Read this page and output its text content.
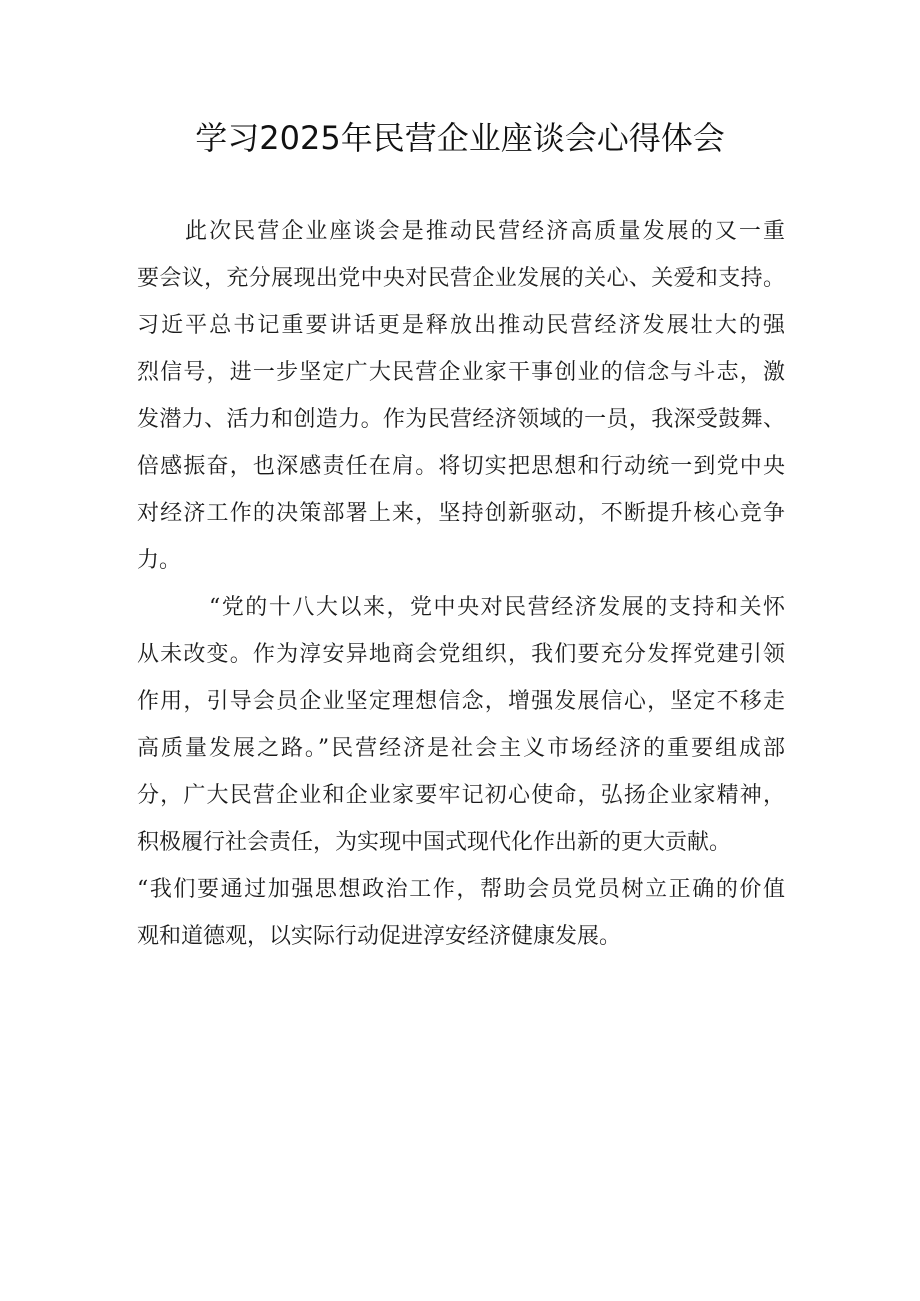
学习2025年民营企业座谈会心得体会
此次民营企业座谈会是推动民营经济高质量发展的又一重
要会议，充分展现出党中央对民营企业发展的关心、关爱和支持。
习近平总书记重要讲话更是释放出推动民营经济发展壮大的强
烈信号，进一步坚定广大民营企业家干事创业的信念与斗志，激
发潜力、活力和创造力。作为民营经济领域的一员，我深受鼓舞、
倍感振奋，也深感责任在肩。将切实把思想和行动统一到党中央
对经济工作的决策部署上来，坚持创新驱动，不断提升核心竞争
力。
“党的十八大以来，党中央对民营经济发展的支持和关怀
从未改变。作为淳安异地商会党组织，我们要充分发挥党建引领
作用，引导会员企业坚定理想信念，增强发展信心，坚定不移走
高质量发展之路。”民营经济是社会主义市场经济的重要组成部
分，广大民营企业和企业家要牢记初心使命，弘扬企业家精神，
积极履行社会责任，为实现中国式现代化作出新的更大贡献。
“我们要通过加强思想政治工作，帮助会员党员树立正确的价值
观和道德观，以实际行动促进淳安经济健康发展。
